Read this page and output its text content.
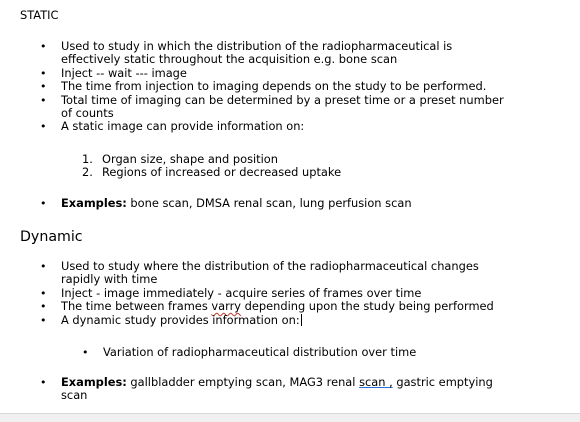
STATIC
• Used to study in which the distribution of the radiopharmaceutical is effectively static throughout the acquisition e.g. bone scan
• Inject -- wait --- image
• The time from injection to imaging depends on the study to be performed.
• Total time of imaging can be determined by a preset time or a preset number of counts
• A static image can provide information on:
1. Organ size, shape and position
2. Regions of increased or decreased uptake
• Examples: bone scan, DMSA renal scan, lung perfusion scan
Dynamic
• Used to study where the distribution of the radiopharmaceutical changes rapidly with time
• Inject - image immediately - acquire series of frames over time
• The time between frames varry depending upon the study being performed
• A dynamic study provides information on:
• Variation of radiopharmaceutical distribution over time
• Examples: gallbladder emptying scan, MAG3 renal scan , gastric emptying scan
